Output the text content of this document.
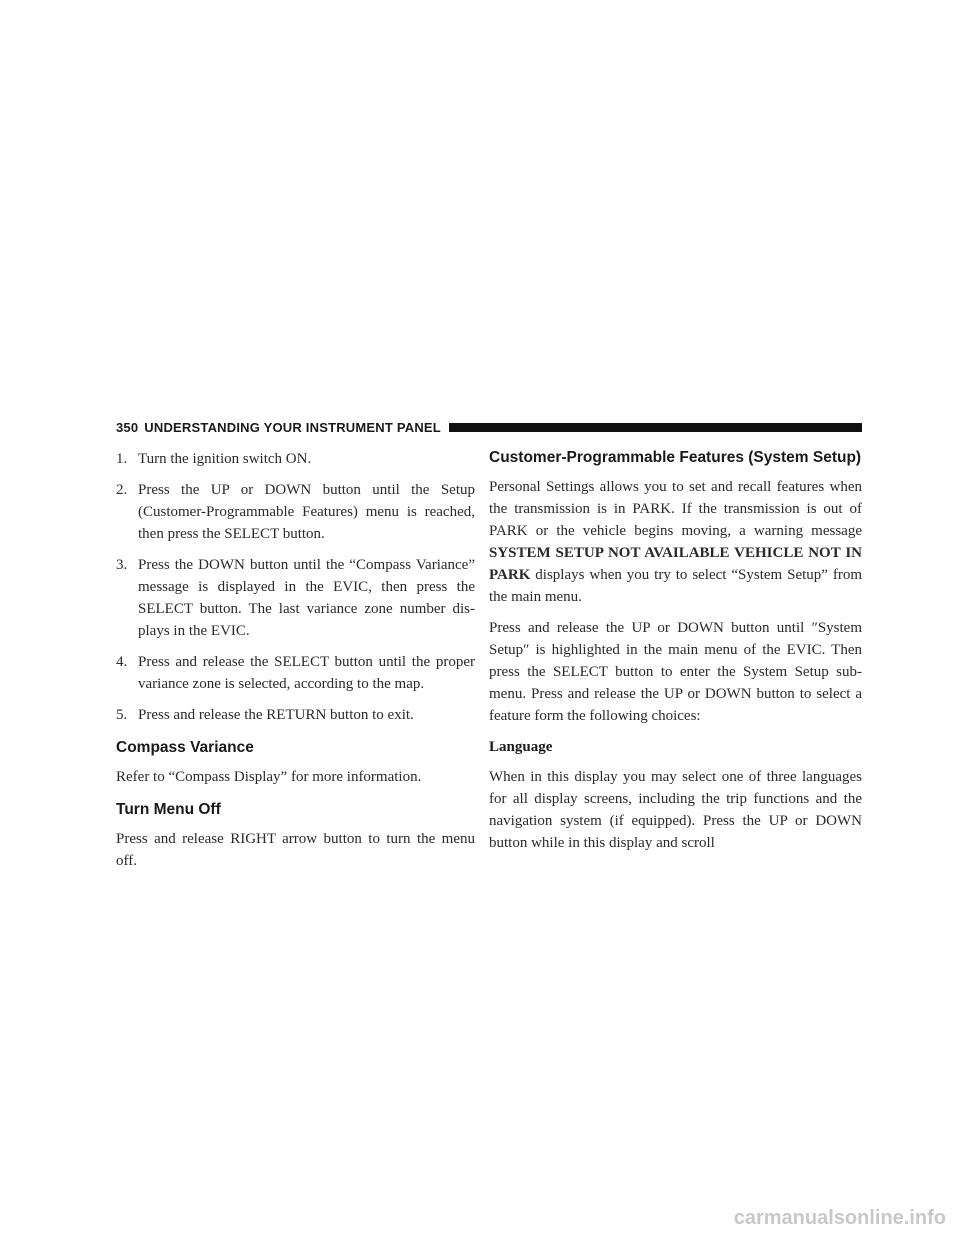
350 UNDERSTANDING YOUR INSTRUMENT PANEL
1. Turn the ignition switch ON.
2. Press the UP or DOWN button until the Setup (Customer-Programmable Features) menu is reached, then press the SELECT button.
3. Press the DOWN button until the “Compass Variance” message is displayed in the EVIC, then press the SELECT button. The last variance zone number displays in the EVIC.
4. Press and release the SELECT button until the proper variance zone is selected, according to the map.
5. Press and release the RETURN button to exit.
Compass Variance

Refer to “Compass Display” for more information.

Turn Menu Off

Press and release RIGHT arrow button to turn the menu off.

Customer-Programmable Features (System Setup)

Personal Settings allows you to set and recall features when the transmission is in PARK. If the transmission is out of PARK or the vehicle begins moving, a warning message SYSTEM SETUP NOT AVAILABLE VEHICLE NOT IN PARK displays when you try to select “System Setup” from the main menu.

Press and release the UP or DOWN button until ″System Setup″ is highlighted in the main menu of the EVIC. Then press the SELECT button to enter the System Setup sub-menu. Press and release the UP or DOWN button to select a feature form the following choices:

Language

When in this display you may select one of three languages for all display screens, including the trip functions and the navigation system (if equipped). Press the UP or DOWN button while in this display and scroll

carmanualsonline.info
